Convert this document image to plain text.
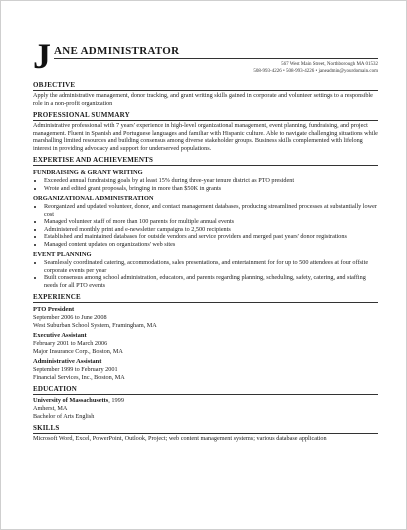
J ANE ADMINISTRATOR
567 West Main Street, Northborough MA 01532
508-993-4226 • 508-993-4226 • janeadmin@yourdomain.com
OBJECTIVE

Apply the administrative management, donor tracking, and grant writing skills gained in corporate and volunteer settings to a responsible role in a non-profit organization

PROFESSIONAL SUMMARY

Administrative professional with 7 years' experience in high-level organizational management, event planning, fundraising, and project management. Fluent in Spanish and Portuguese languages and familiar with Hispanic culture. Able to navigate challenging situations while marshalling limited resources and building consensus among diverse stakeholder groups. Business skills complemented with lifelong interest in providing advocacy and support for underserved populations.

EXPERTISE AND ACHIEVEMENTS
FUNDRAISING & GRANT WRITING
• Exceeded annual fundraising goals by at least 15% during three-year tenure district as PTO president
• Wrote and edited grant proposals, bringing in more than $50K in grants
ORGANIZATIONAL ADMINISTRATION
• Reorganized and updated volunteer, donor, and contact management databases, producing streamlined processes at substantially lower cost
• Managed volunteer staff of more than 100 parents for multiple annual events
• Administered monthly print and e-newsletter campaigns to 2,500 recipients
• Established and maintained databases for outside vendors and service providers and merged past years' donor registrations
• Managed content updates on organizations' web sites
EVENT PLANNING
• Seamlessly coordinated catering, accommodations, sales presentations, and entertainment for for up to 500 attendees at four offsite corporate events per year
• Built consensus among school administration, educators, and parents regarding planning, scheduling, safety, catering, and staffing needs for all PTO events
EXPERIENCE
PTO President
September 2006 to June 2008
West Suburban School System, Framingham, MA
Executive Assistant
February 2001 to March 2006
Major Insurance Corp., Boston, MA
Administrative Assistant
September 1999 to February 2001
Financial Services, Inc., Boston, MA
EDUCATION
University of Massachusetts, 1999
Amherst, MA
Bachelor of Arts English
SKILLS

Microsoft Word, Excel, PowerPoint, Outlook, Project; web content management systems; various database application
